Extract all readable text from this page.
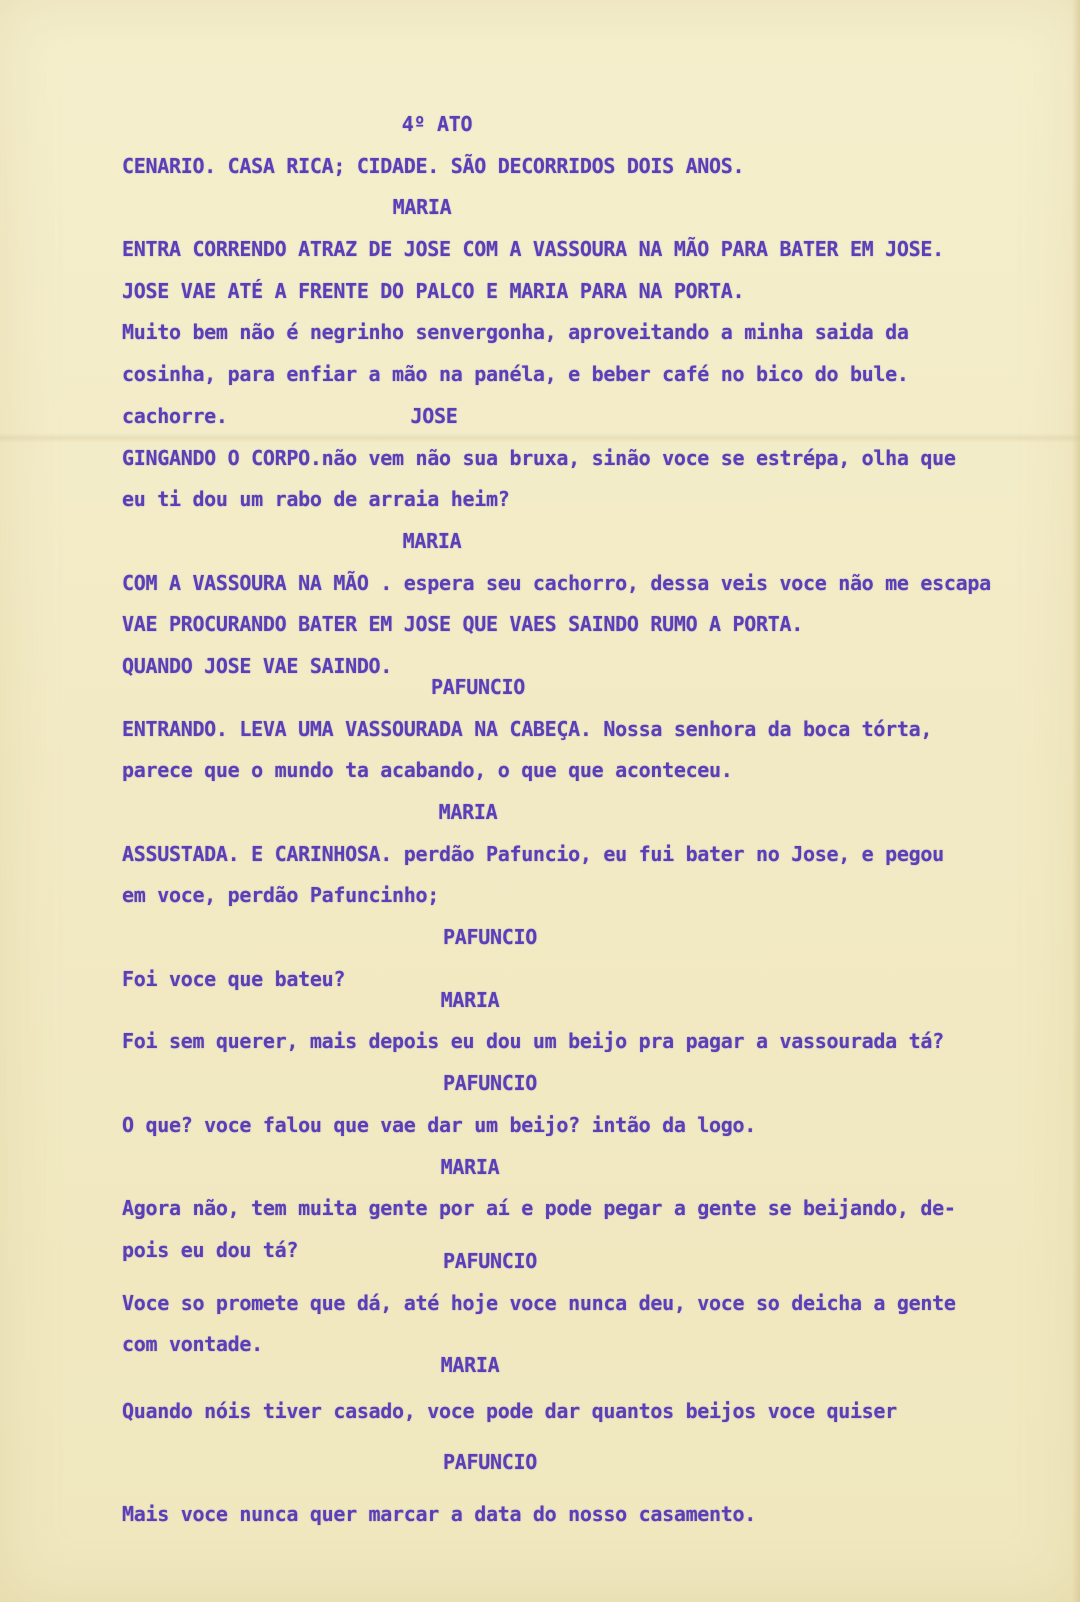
4º ATO
CENARIO. CASA RICA; CIDADE. SÃO DECORRIDOS DOIS ANOS.
MARIA
ENTRA CORRENDO ATRAZ DE JOSE COM A VASSOURA NA MÃO PARA BATER EM JOSE.
JOSE VAE ATÉ A FRENTE DO PALCO E MARIA PARA NA PORTA.
Muito bem não é negrinho senvergonha, aproveitando a minha saida da
cosinha, para enfiar a mão na panéla, e beber café no bico do bule.
cachorre.	JOSE
GINGANDO O CORPO.não vem não sua bruxa, sinão voce se estrépa, olha que
eu ti dou um rabo de arraia heim?
MARIA
COM A VASSOURA NA MÃO . espera seu cachorro, dessa veis voce não me escapa
VAE PROCURANDO BATER EM JOSE QUE VAES SAINDO RUMO A PORTA.
QUANDO JOSE VAE SAINDO.
PAFUNCIO
ENTRANDO. LEVA UMA VASSOURADA NA CABEÇA. Nossa senhora da boca tórta,
parece que o mundo ta acabando, o que que aconteceu.
MARIA
ASSUSTADA. E CARINHOSA. perdão Pafuncio, eu fui bater no Jose, e pegou
em voce, perdão Pafuncinho;
PAFUNCIO
Foi voce que bateu?
MARIA
Foi sem querer, mais depois eu dou um beijo pra pagar a vassourada tá?
PAFUNCIO
O que? voce falou que vae dar um beijo? intão da logo.
MARIA
Agora não, tem muita gente por aí e pode pegar a gente se beijando, de-
pois eu dou tá?	PAFUNCIO
Voce so promete que dá, até hoje voce nunca deu, voce so deicha a gente
com vontade.
MARIA
Quando nóis tiver casado, voce pode dar quantos beijos voce quiser
PAFUNCIO
Mais voce nunca quer marcar a data do nosso casamento.
